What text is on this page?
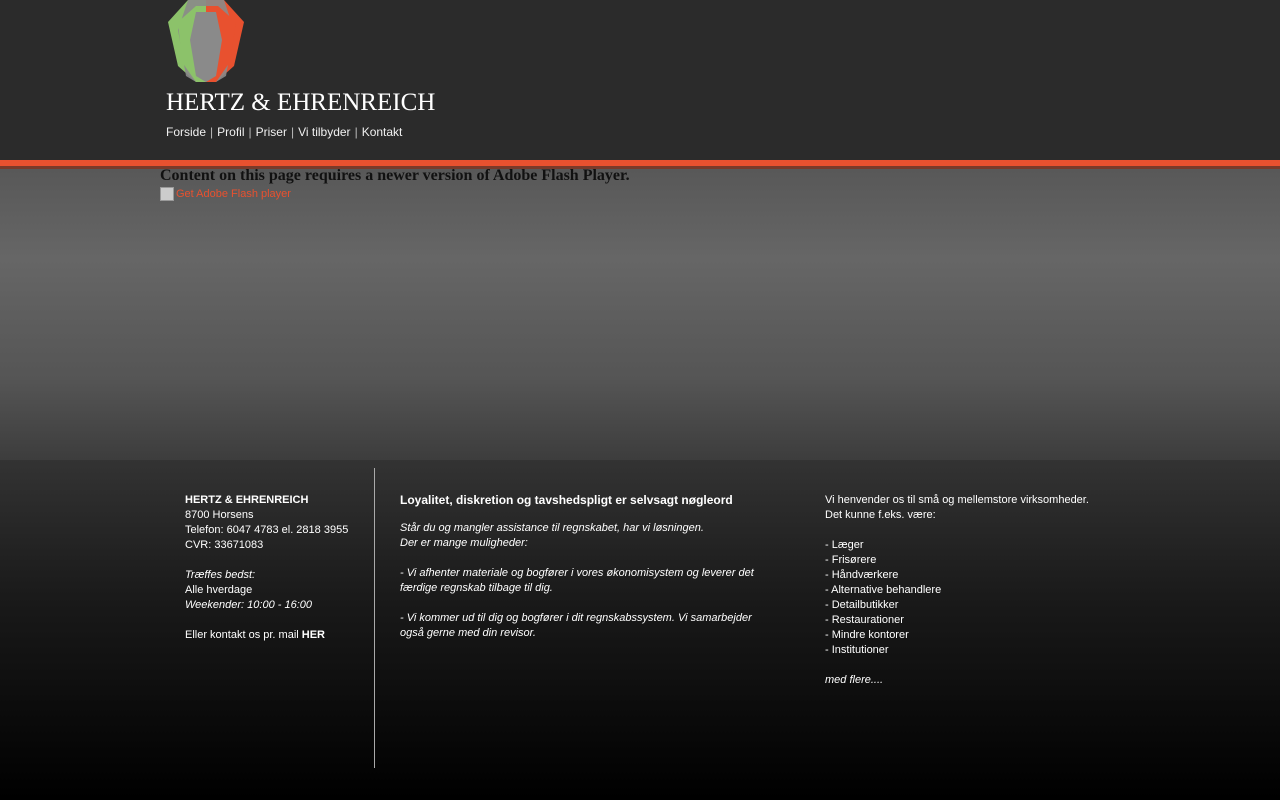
HERTZ & EHRENREICH
Forside | Profil | Priser | Vi tilbyder | Kontakt
Content on this page requires a newer version of Adobe Flash Player.
Get Adobe Flash player
HERTZ & EHRENREICH
8700 Horsens
Telefon: 6047 4783 el. 2818 3955
CVR: 33671083
Træffes bedst:
Alle hverdage
Weekender: 10:00 - 16:00
Eller kontakt os pr. mail HER
Loyalitet, diskretion og tavshedspligt er selvsagt nøgleord
Står du og mangler assistance til regnskabet, har vi løsningen.
Der er mange muligheder:
- Vi afhenter materiale og bogfører i vores økonomisystem og leverer det færdige regnskab tilbage til dig.
- Vi kommer ud til dig og bogfører i dit regnskabssystem. Vi samarbejder også gerne med din revisor.
Vi henvender os til små og mellemstore virksomheder.
Det kunne f.eks. være:
- Læger
- Frisørere
- Håndværkere
- Alternative behandlere
- Detailbutikker
- Restaurationer
- Mindre kontorer
- Institutioner
med flere....
